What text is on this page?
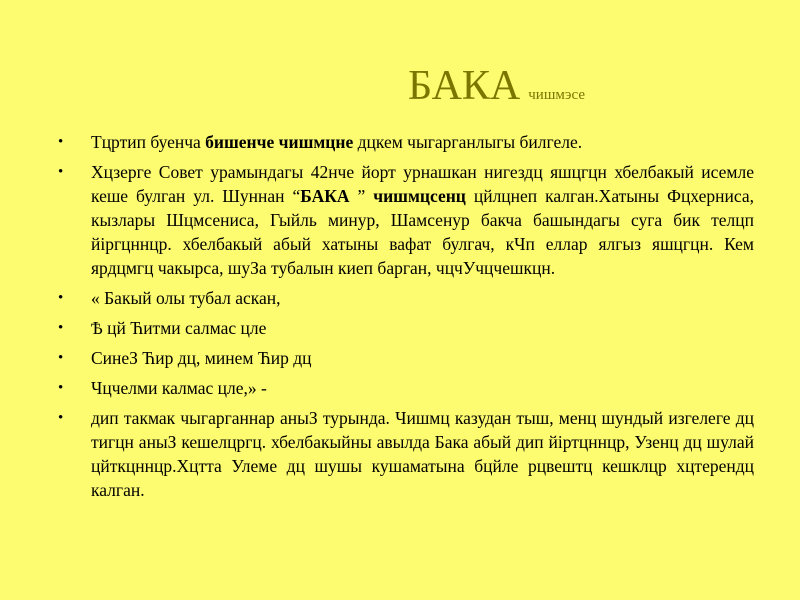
БАКА чишмэсе
• Тцртип буенча бишенче чишмцне дцкем чыгарганлыгы билгеле.
• Хцзерге Совет урамындагы 42нче йорт урнашкан нигездц яшцгцн хбелбакый исемле кеше булган ул. Шуннан “БАКА ” чишмцсенц цйлцнеп калган.Хатыны Фцхерниса, кызлары Шцмсениса, Гыйль минур, Шамсенур бакча башындагы суга бик телцп йiргцннцр. хбелбакый абый хатыны вафат булгач, кЧп еллар ялгыз яшцгцн. Кем ярдцмгц чакырса, шуЗа тубалын киеп барган, чцчУчцчешкцн.
• « Бакый олы тубал аскан,
• Ѣ цй Ћитми салмас цле
• СинеЗ Ћир дц, минем Ћир дц
• Чцчелми калмас цле,» -
• дип такмак чыгарганнар аныЗ турында. Чишмц казудан тыш, менц шундый изгелеге дц тигцн аныЗ кешелцргц. хбелбакыйны авылда Бака абый дип йiртцннцр, Узенц дц шулай цйткцннцр.Хцтта Улеме дц шушы кушаматына бцйле рцвештц кешклцр хцтерендц калган.
